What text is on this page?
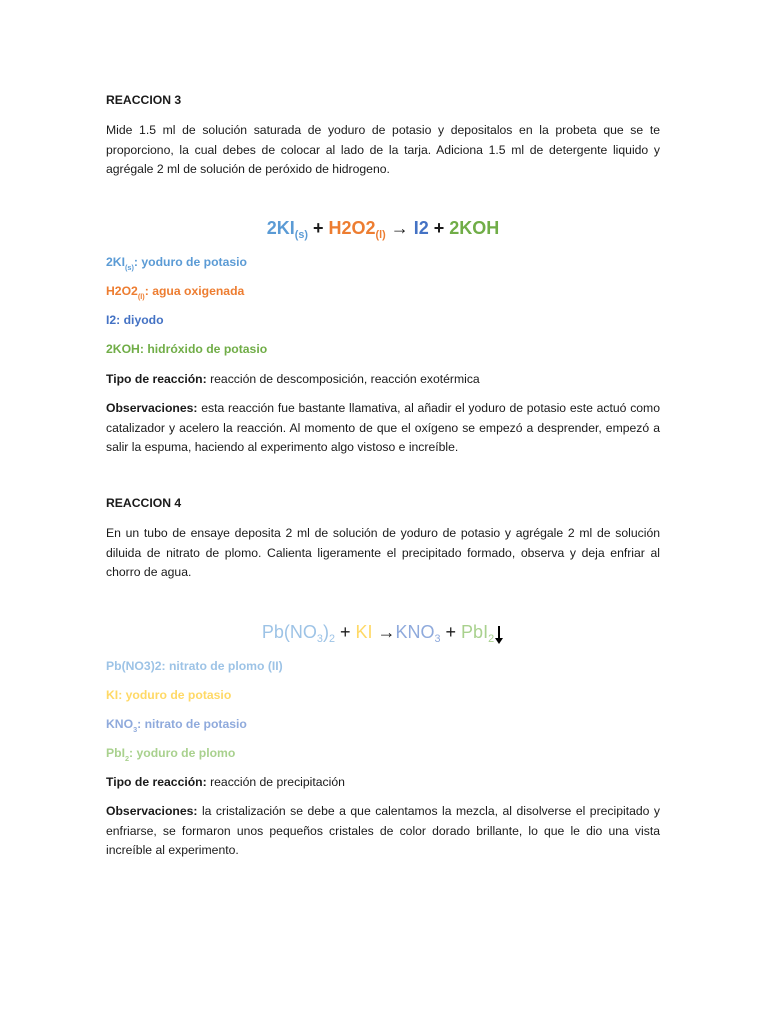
REACCION 3

Mide 1.5 ml de solución saturada de yoduro de potasio y depositalos en la probeta que se te proporciono, la cual debes de colocar al lado de la tarja. Adiciona 1.5 ml de detergente liquido y agrégale 2 ml de solución de peróxido de hidrogeno.

$2KI_{(s)} + H2O2_{(l)} \to I2 + 2KOH$
$2KI_{(s)}$: yoduro de potasio
$H2O2_{(l)}$: agua oxigenada
I2: diyodo
2KOH: hidróxido de potasio

Tipo de reacción: reacción de descomposición, reacción exotérmica

Observaciones: esta reacción fue bastante llamativa, al añadir el yoduro de potasio este actuó como catalizador y acelero la reacción. Al momento de que el oxígeno se empezó a desprender, empezó a salir la espuma, haciendo al experimento algo vistoso e increíble.

REACCION 4

En un tubo de ensaye deposita 2 ml de solución de yoduro de potasio y agrégale 2 ml de solución diluida de nitrato de plomo. Calienta ligeramente el precipitado formado, observa y deja enfriar al chorro de agua.

$Pb(NO_3)_2$ + KI $\to KNO_3 + PbI_2$
Pb(NO3)2: nitrato de plomo (II)
KI: yoduro de potasio
$KNO_3$: nitrato de potasio
PbI$_2$: yoduro de plomo

Tipo de reacción: reacción de precipitación

Observaciones: la cristalización se debe a que calentamos la mezcla, al disolverse el precipitado y enfriarse, se formaron unos pequeños cristales de color dorado brillante, lo que le dio una vista increíble al experimento.
